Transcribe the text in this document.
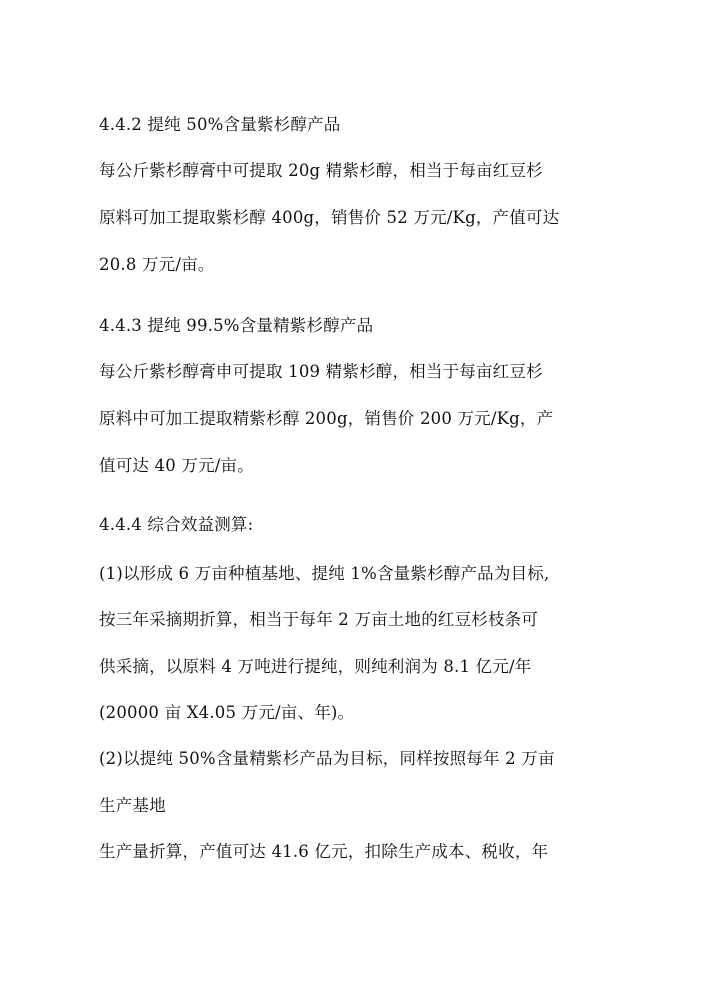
4.4.2 提纯 50%含量紫杉醇产品
每公斤紫杉醇膏中可提取 20g 精紫杉醇，相当于每亩红豆杉
原料可加工提取紫杉醇 400g，销售价 52 万元/Kg，产值可达
20.8 万元/亩。
4.4.3 提纯 99.5%含量精紫杉醇产品
每公斤紫杉醇膏申可提取 109 精紫杉醇，相当于每亩红豆杉
原料中可加工提取精紫杉醇 200g，销售价 200 万元/Kg，产
值可达 40 万元/亩。
4.4.4 综合效益测算:
(1)以形成 6 万亩种植基地、提纯 1%含量紫杉醇产品为目标,
按三年采摘期折算，相当于每年 2 万亩土地的红豆杉枝条可
供采摘，以原料 4 万吨进行提纯，则纯利润为 8.1 亿元/年
(20000 亩 X4.05 万元/亩、年)。
(2)以提纯 50%含量精紫杉产品为目标，同样按照每年 2 万亩
生产基地
生产量折算，产值可达 41.6 亿元，扣除生产成本、税收，年
